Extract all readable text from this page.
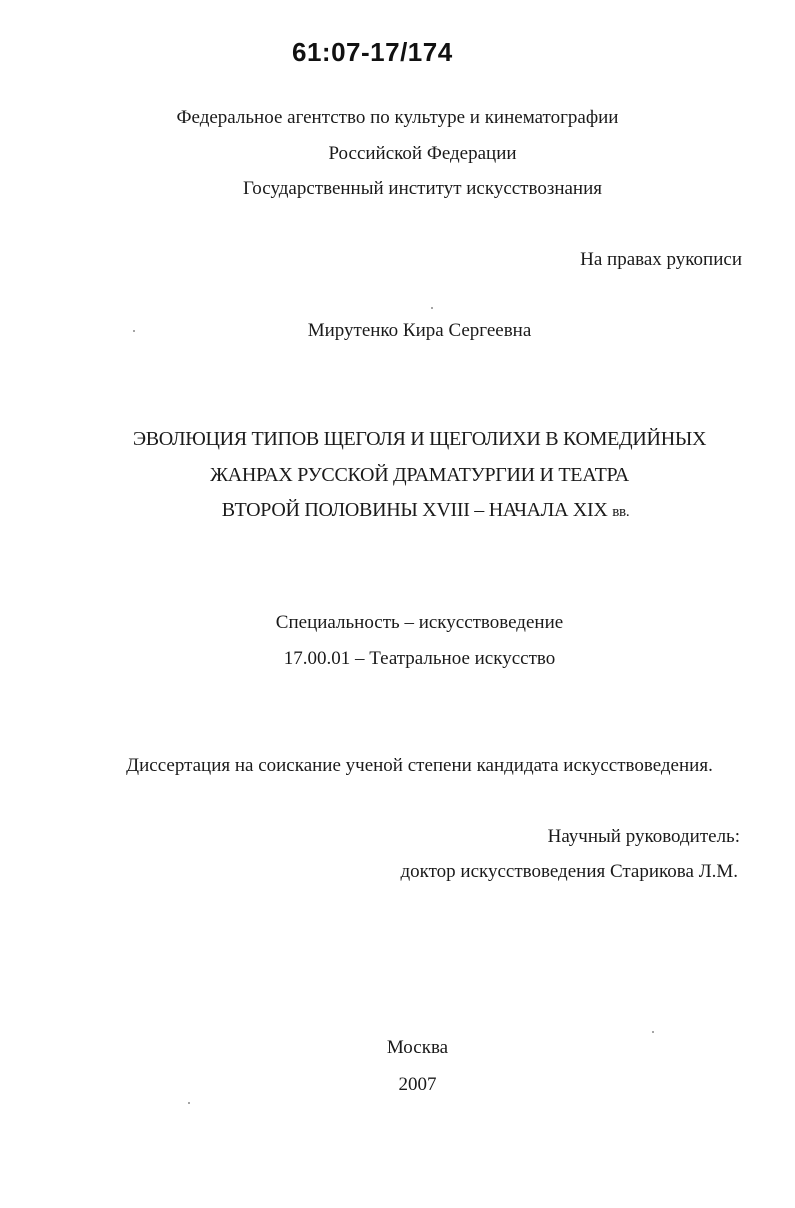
61:07-17/174
Федеральное агентство по культуре и кинематографии
Российской Федерации
Государственный институт искусствознания
На правах рукописи
Мирутенко Кира Сергеевна
ЭВОЛЮЦИЯ ТИПОВ ЩЕГОЛЯ И ЩЕГОЛИХИ В КОМЕДИЙНЫХ
ЖАНРАХ РУССКОЙ ДРАМАТУРГИИ И ТЕАТРА
ВТОРОЙ ПОЛОВИНЫ XVIII – НАЧАЛА XIX вв.
Специальность – искусствоведение
17.00.01 – Театральное искусство
Диссертация на соискание ученой степени кандидата искусствоведения.
Научный руководитель:
доктор искусствоведения Старикова Л.М.
Москва
2007
